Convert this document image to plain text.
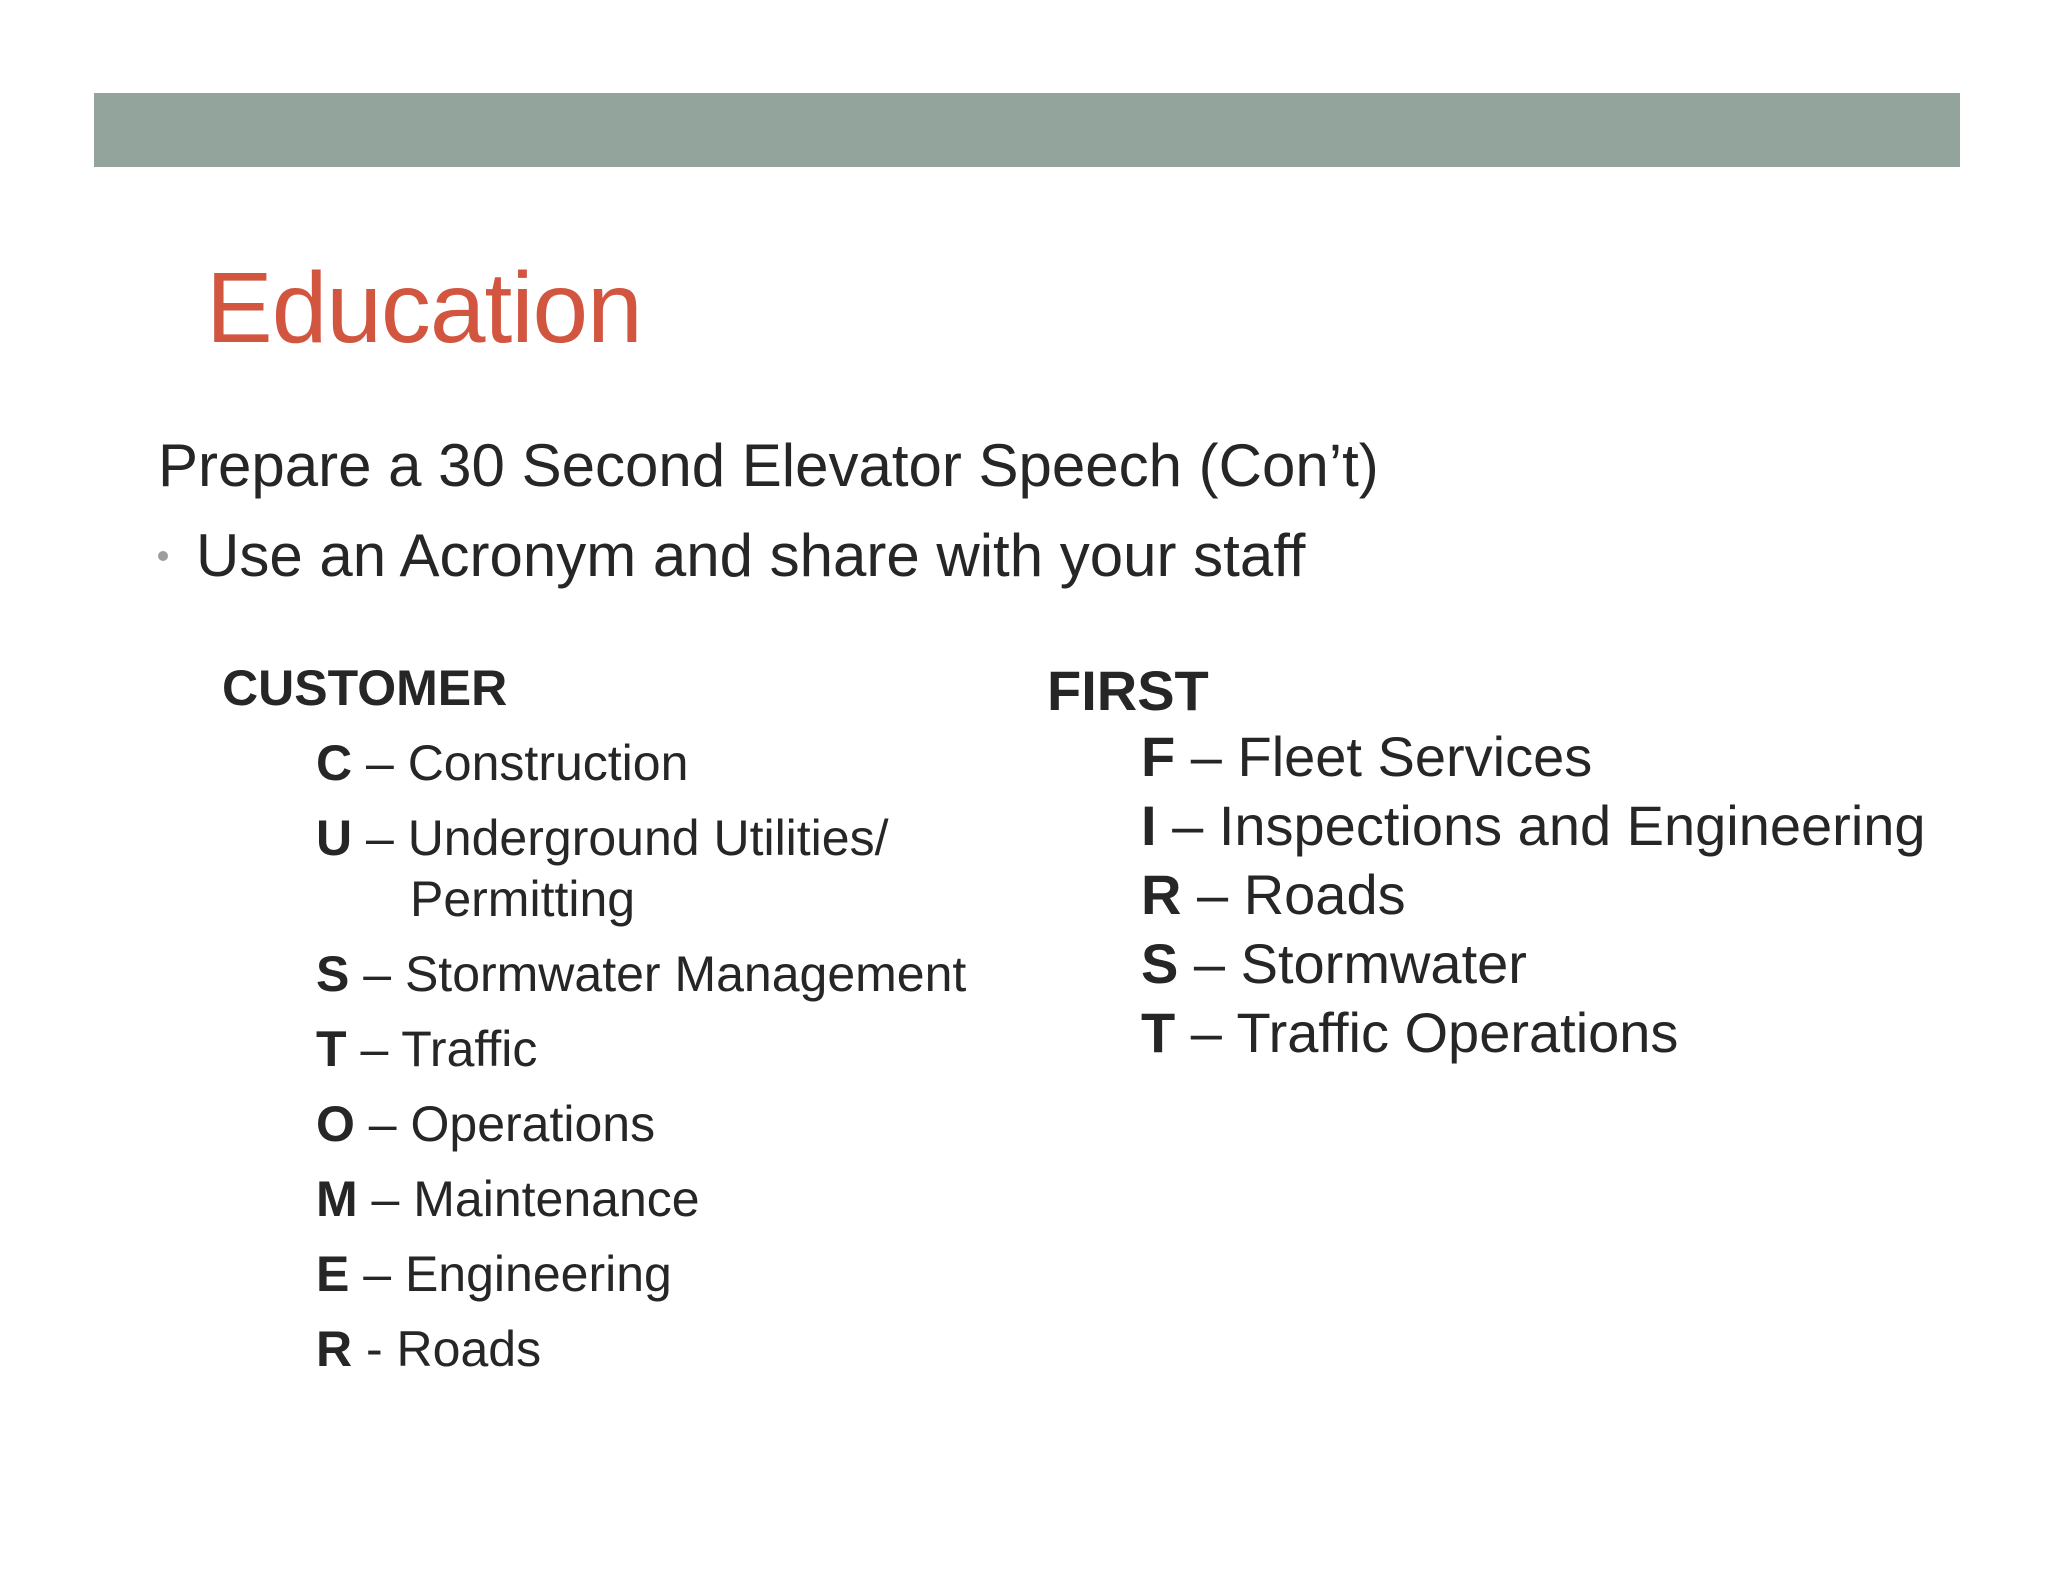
Education
Prepare a 30 Second Elevator Speech (Con’t)
Use an Acronym and share with your staff
CUSTOMER
C – Construction
U – Underground Utilities/
Permitting
S – Stormwater Management
T – Traffic
O – Operations
M – Maintenance
E – Engineering
R - Roads
FIRST
F – Fleet Services
I – Inspections and Engineering
R – Roads
S – Stormwater
T – Traffic Operations
